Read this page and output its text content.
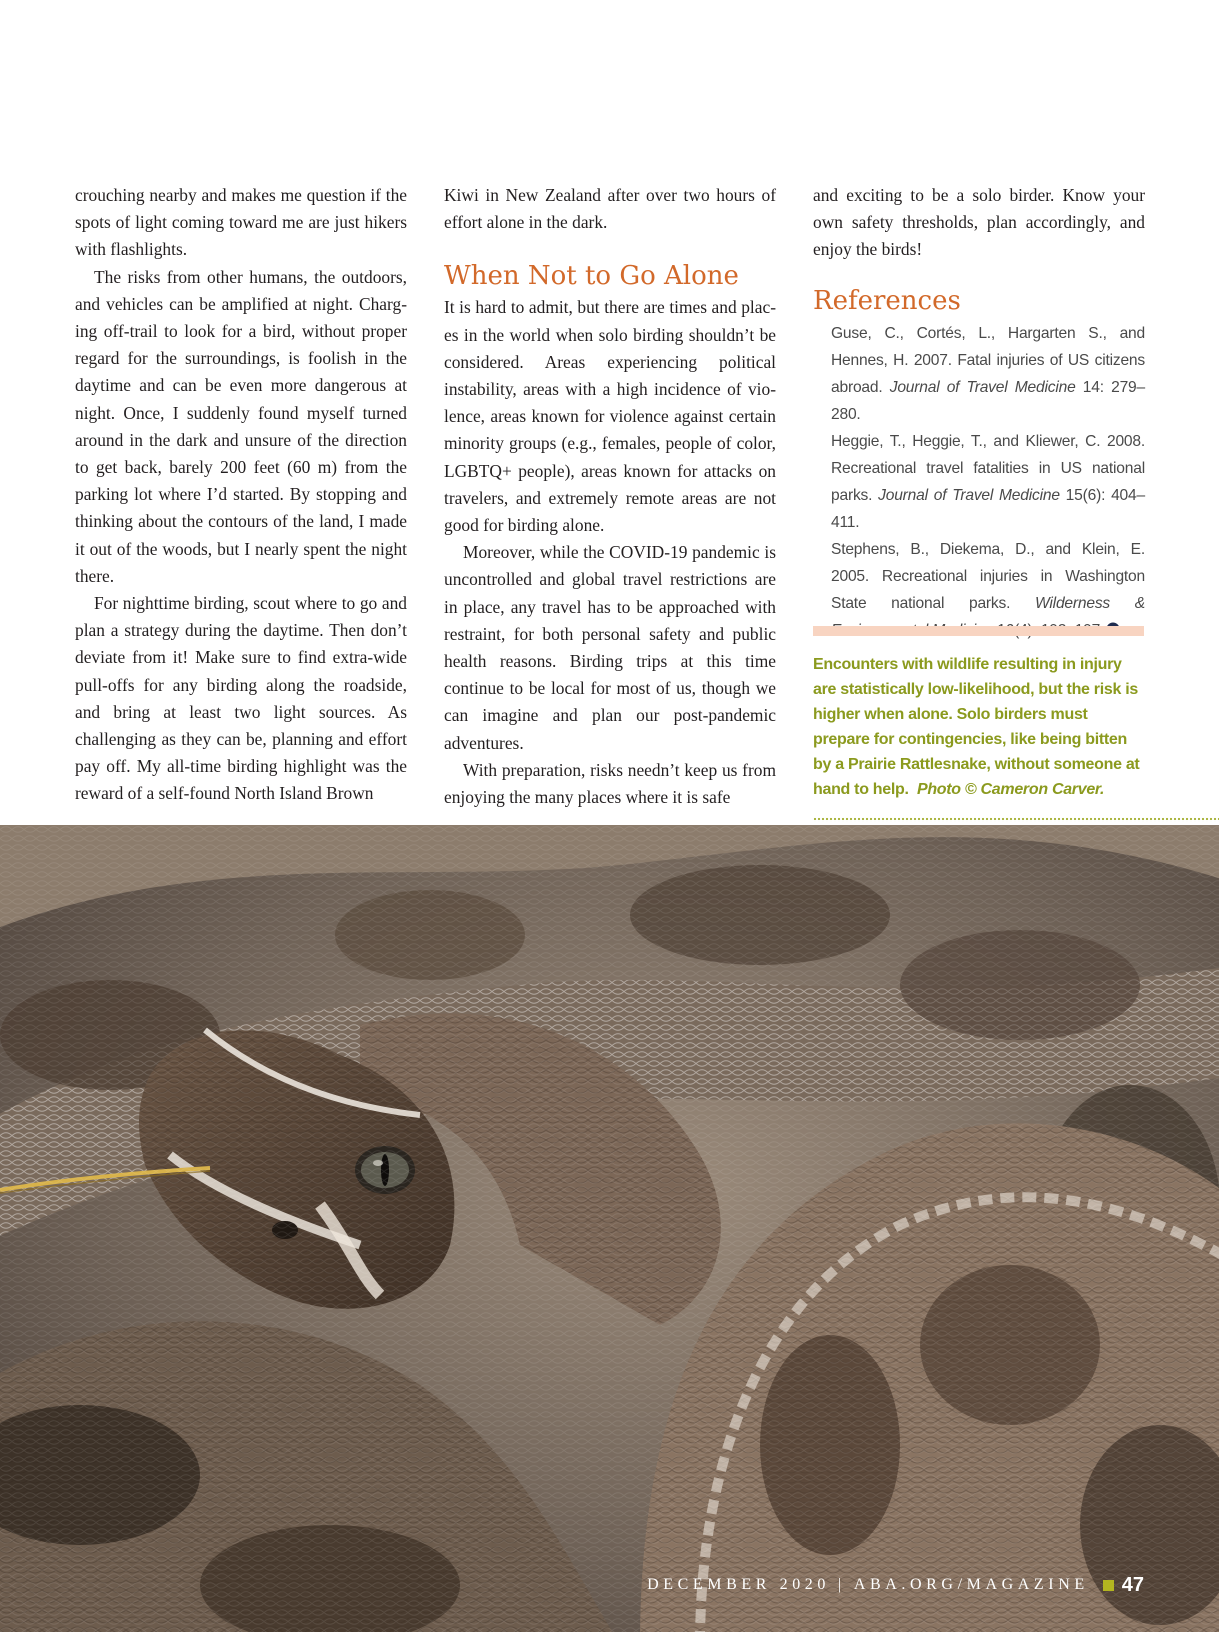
crouching nearby and makes me question if the spots of light coming toward me are just hikers with flashlights.

The risks from other humans, the outdoors, and vehicles can be amplified at night. Charging off-trail to look for a bird, without proper regard for the surroundings, is foolish in the daytime and can be even more dangerous at night. Once, I suddenly found myself turned around in the dark and unsure of the direction to get back, barely 200 feet (60 m) from the parking lot where I’d started. By stopping and thinking about the contours of the land, I made it out of the woods, but I nearly spent the night there.

For nighttime birding, scout where to go and plan a strategy during the daytime. Then don’t deviate from it! Make sure to find extra-wide pull-offs for any birding along the roadside, and bring at least two light sources. As challenging as they can be, planning and effort pay off. My all-time birding highlight was the reward of a self-found North Island Brown

Kiwi in New Zealand after over two hours of effort alone in the dark.

When Not to Go Alone

It is hard to admit, but there are times and places in the world when solo birding shouldn’t be considered. Areas experiencing political instability, areas with a high incidence of violence, areas known for violence against certain minority groups (e.g., females, people of color, LGBTQ+ people), areas known for attacks on travelers, and extremely remote areas are not good for birding alone.

Moreover, while the COVID-19 pandemic is uncontrolled and global travel restrictions are in place, any travel has to be approached with restraint, for both personal safety and public health reasons. Birding trips at this time continue to be local for most of us, though we can imagine and plan our post-pandemic adventures.

With preparation, risks needn’t keep us from enjoying the many places where it is safe

and exciting to be a solo birder. Know your own safety thresholds, plan accordingly, and enjoy the birds!

References

Guse, C., Cortés, L., Hargarten S., and Hennes, H. 2007. Fatal injuries of US citizens abroad. Journal of Travel Medicine 14: 279–280.

Heggie, T., Heggie, T., and Kliewer, C. 2008. Recreational travel fatalities in US national parks. Journal of Travel Medicine 15(6): 404–411.

Stephens, B., Diekema, D., and Klein, E. 2005. Recreational injuries in Washington State national parks. Wilderness &

Encounters with wildlife resulting in injury are statistically low-likelihood, but the risk is higher when alone. Solo birders must prepare for contingencies, like being bitten by a Prairie Rattlesnake, without someone at hand to help. Photo © Cameron Carver.
DECEMBER 2020 | ABA.ORG/MAGAZINE 47
